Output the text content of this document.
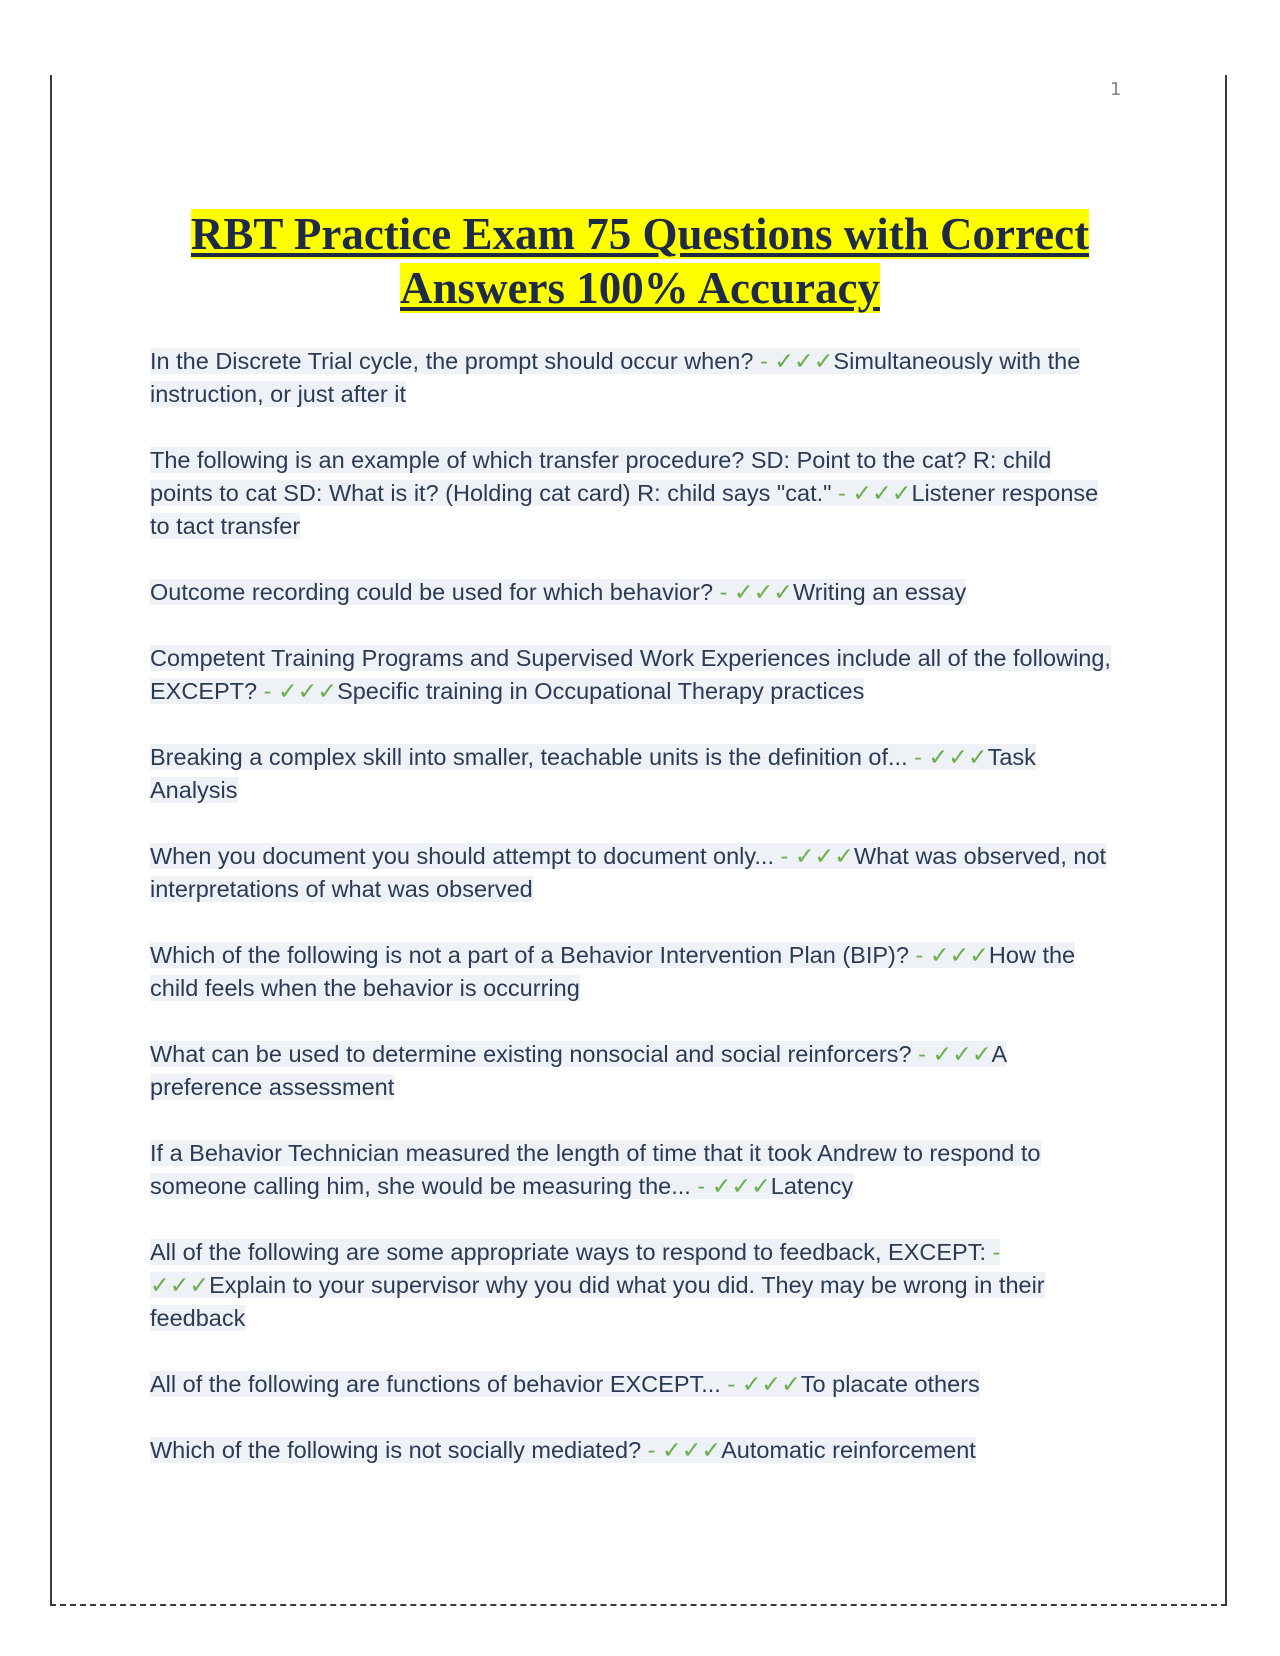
1
RBT Practice Exam 75 Questions with Correct Answers 100% Accuracy

In the Discrete Trial cycle, the prompt should occur when? - ✓✓✓Simultaneously with the instruction, or just after it

The following is an example of which transfer procedure? SD: Point to the cat? R: child points to cat SD: What is it? (Holding cat card) R: child says "cat." - ✓✓✓Listener response to tact transfer

Outcome recording could be used for which behavior? - ✓✓✓Writing an essay

Competent Training Programs and Supervised Work Experiences include all of the following, EXCEPT? - ✓✓✓Specific training in Occupational Therapy practices

Breaking a complex skill into smaller, teachable units is the definition of... - ✓✓✓Task Analysis

When you document you should attempt to document only... - ✓✓✓What was observed, not interpretations of what was observed

Which of the following is not a part of a Behavior Intervention Plan (BIP)? - ✓✓✓How the child feels when the behavior is occurring

What can be used to determine existing nonsocial and social reinforcers? - ✓✓✓A preference assessment

If a Behavior Technician measured the length of time that it took Andrew to respond to someone calling him, she would be measuring the... - ✓✓✓Latency

All of the following are some appropriate ways to respond to feedback, EXCEPT: - ✓✓✓Explain to your supervisor why you did what you did. They may be wrong in their feedback

All of the following are functions of behavior EXCEPT... - ✓✓✓To placate others

Which of the following is not socially mediated? - ✓✓✓Automatic reinforcement
